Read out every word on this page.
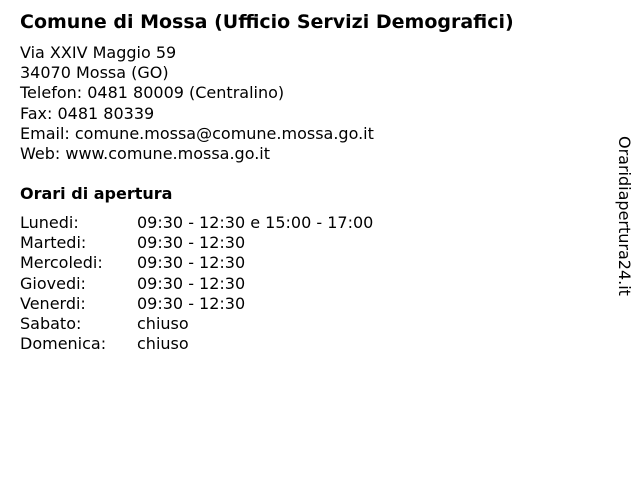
Comune di Mossa (Ufficio Servizi Demografici)
Via XXIV Maggio 59
34070 Mossa (GO)
Telefon: 0481 80009 (Centralino)
Fax: 0481 80339
Email: comune.mossa@comune.mossa.go.it
Web: www.comune.mossa.go.it
Orari di apertura
Lunedi:	09:30 - 12:30 e 15:00 - 17:00
Martedi:	09:30 - 12:30
Mercoledi: 09:30 - 12:30
Giovedi:	09:30 - 12:30
Venerdi:	09:30 - 12:30
Sabato:	chiuso
Domenica: chiuso
Oraridiapertura24.it
